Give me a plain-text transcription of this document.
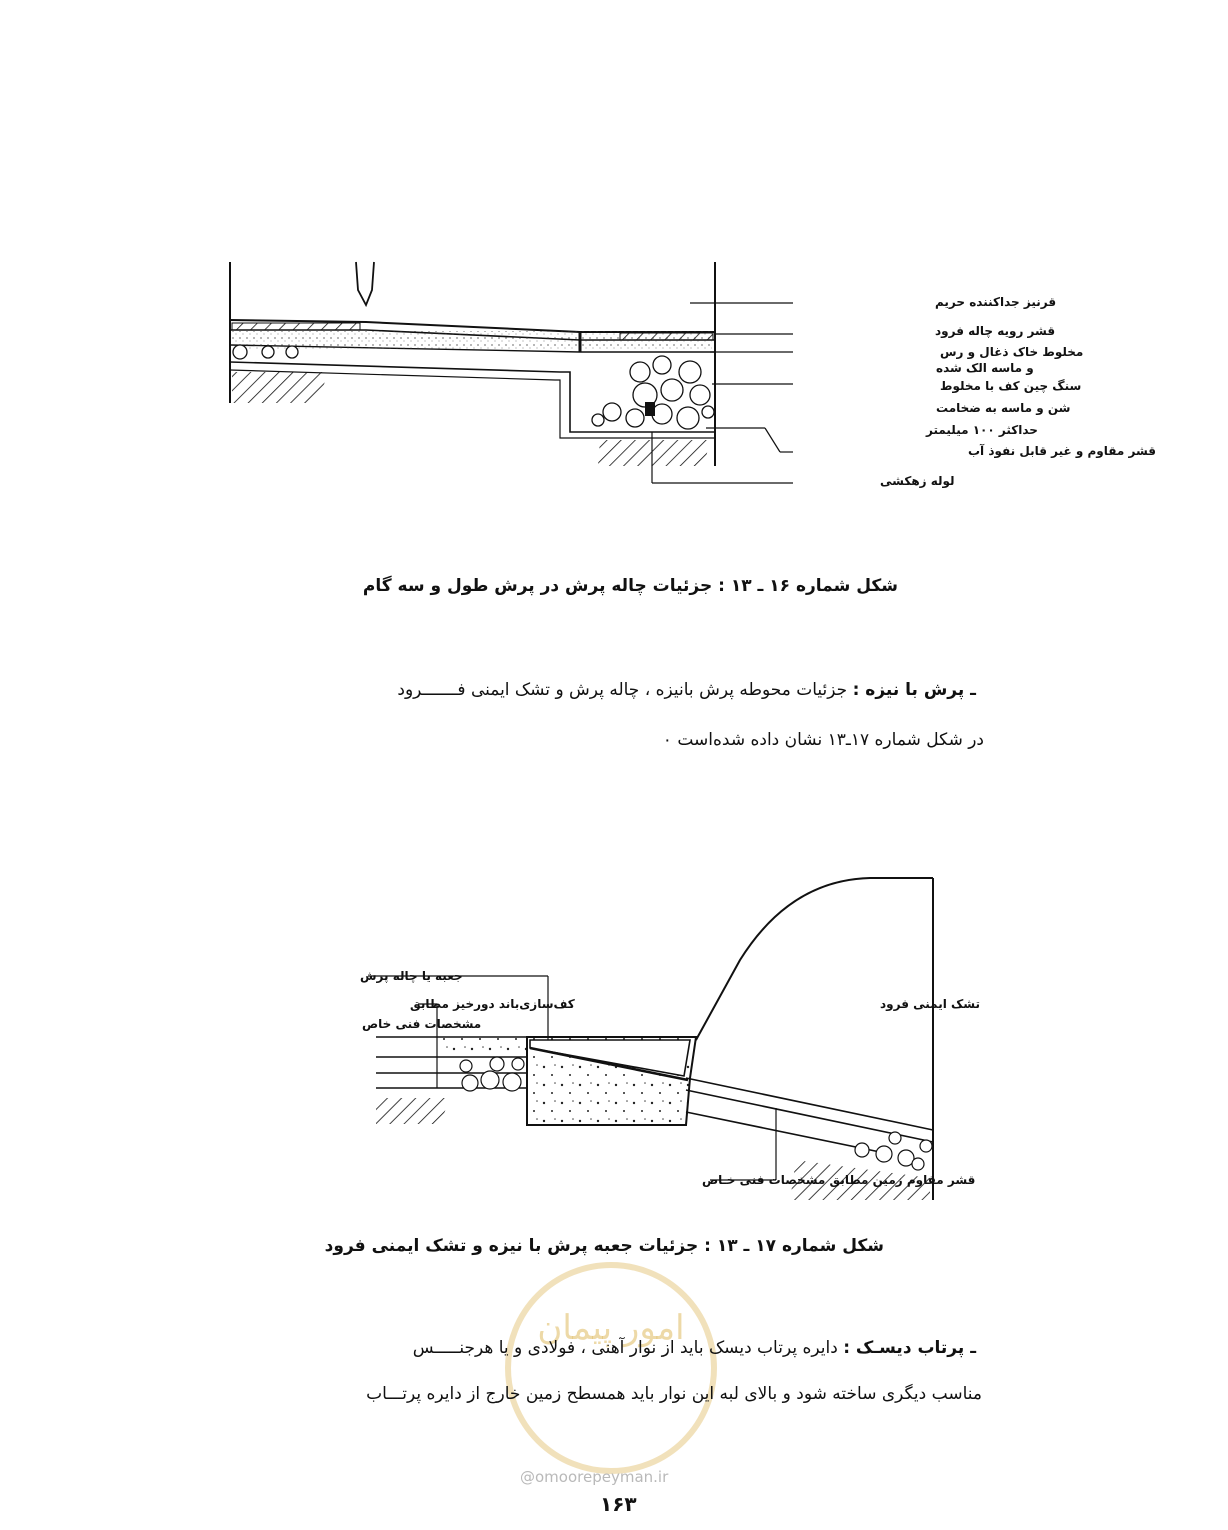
قرنیز جداکننده حریم
قشر رویه چاله فرود
مخلوط خاک ذغال و رس
و ماسه الک شده
سنگ چین کف با مخلوط
شن و ماسه به ضخامت
حداکثر ۱۰۰ میلیمتر
قشر مقاوم و غیر قابل نفوذ آب
لوله زهکشی
شکل شماره ۱۶ ـ ۱۳ : جزئیات چاله پرش در پرش طول و سه گام
ـ پرش با نیزه : جزئیات محوطه پرش بانیزه ، چاله پرش و تشک ایمنی فـــــــرود
در شکل شماره ۱۷ـ۱۳ نشان داده شده‌است ٠
جعبه یا چاله پرش
کف‌سازی‌باند دورخیز مطابق
مشخصات فنی خاص
تشک ایمنی فرود
قشر مقاوم زمین مطابق مشخصات فنی خـاص
شکل شماره ۱۷ ـ ۱۳ : جزئیات جعبه پرش با نیزه و تشک ایمنی فرود
امور پیمان	ـ پرتاب دیسـک : دایره پرتاب دیسک باید از نوار آهنی ، فولادی و یا هرجنـــــس
مناسب دیگری ساخته شود و بالای لبه این نوار باید همسطح زمین خارج از دایره پرتـــاب
@omoorepeyman.ir
۱۶۳
